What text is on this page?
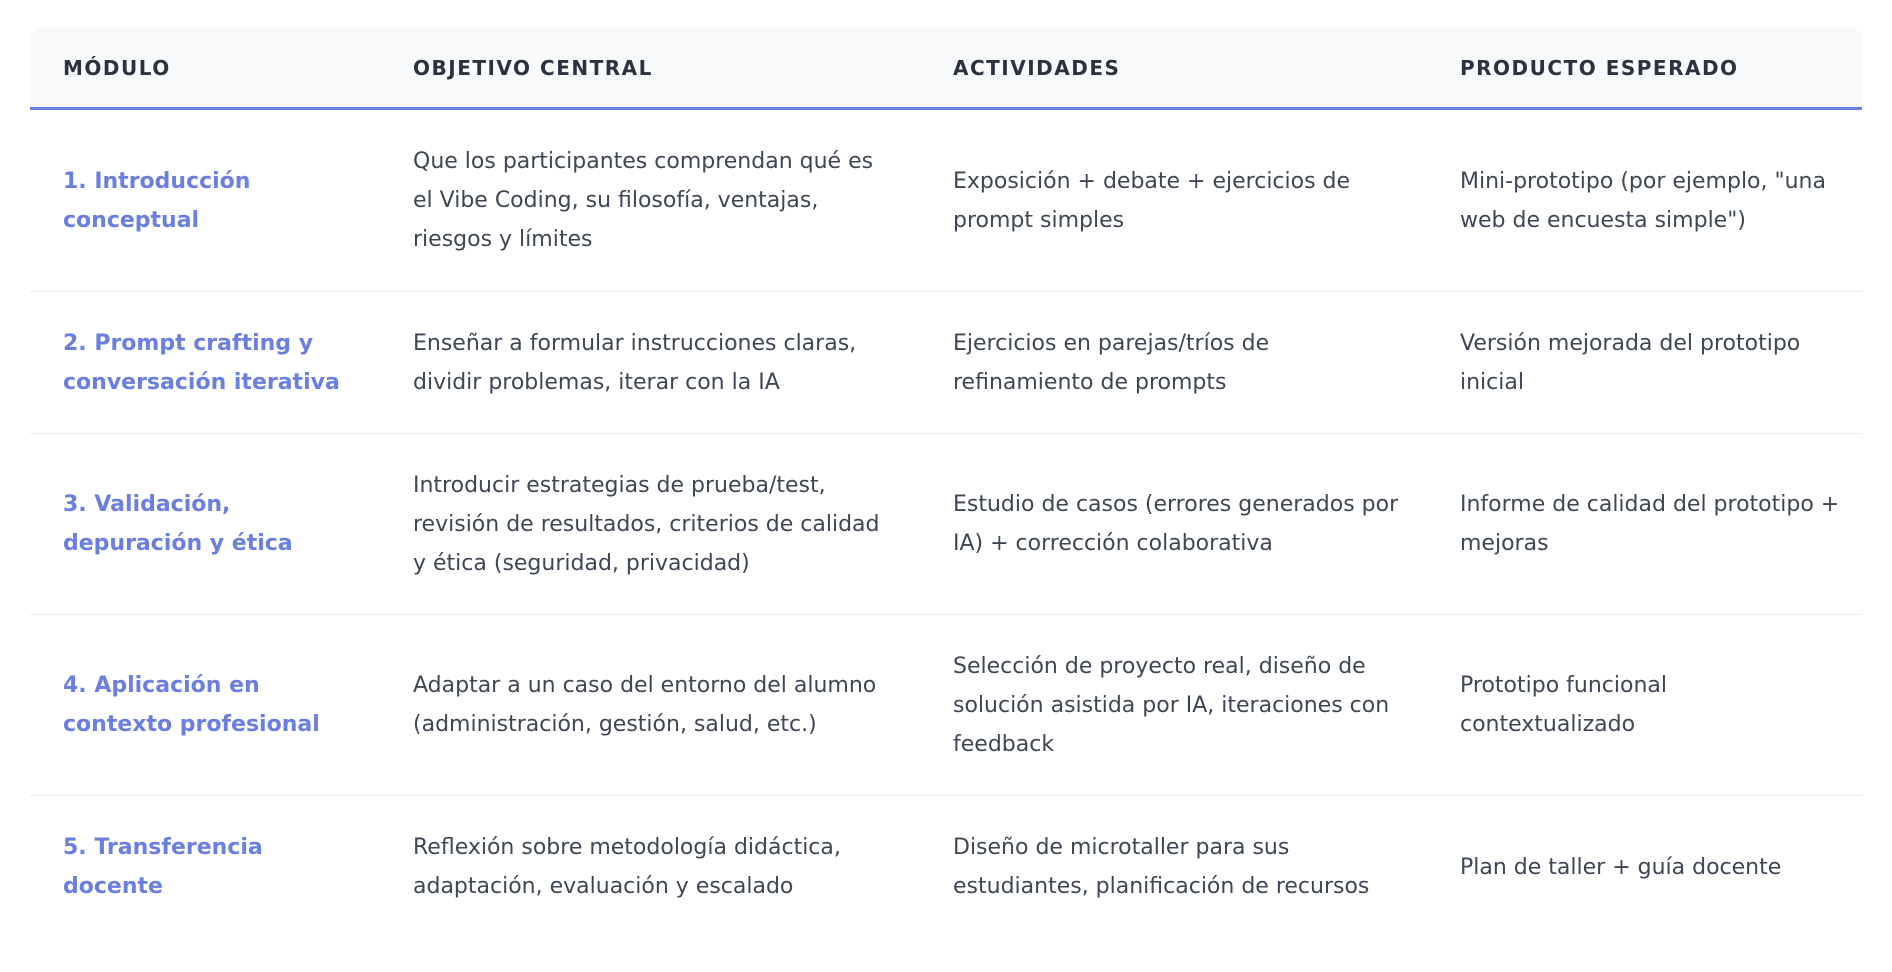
MÓDULO	OBJETIVO CENTRAL	ACTIVIDADES	PRODUCTO ESPERADO
1. Introducción conceptual	Que los participantes comprendan qué es el Vibe Coding, su filosofía, ventajas, riesgos y límites	Exposición + debate + ejercicios de prompt simples	Mini-prototipo (por ejemplo, "una web de encuesta simple")
2. Prompt crafting y conversación iterativa	Enseñar a formular instrucciones claras, dividir problemas, iterar con la IA	Ejercicios en parejas/tríos de refinamiento de prompts	Versión mejorada del prototipo inicial
3. Validación, depuración y ética	Introducir estrategias de prueba/test, revisión de resultados, criterios de calidad y ética (seguridad, privacidad)	Estudio de casos (errores generados por IA) + corrección colaborativa	Informe de calidad del prototipo + mejoras
4. Aplicación en contexto profesional	Adaptar a un caso del entorno del alumno (administración, gestión, salud, etc.)	Selección de proyecto real, diseño de solución asistida por IA, iteraciones con feedback	Prototipo funcional contextualizado
5. Transferencia docente	Reflexión sobre metodología didáctica, adaptación, evaluación y escalado	Diseño de microtaller para sus estudiantes, planificación de recursos	Plan de taller + guía docente
